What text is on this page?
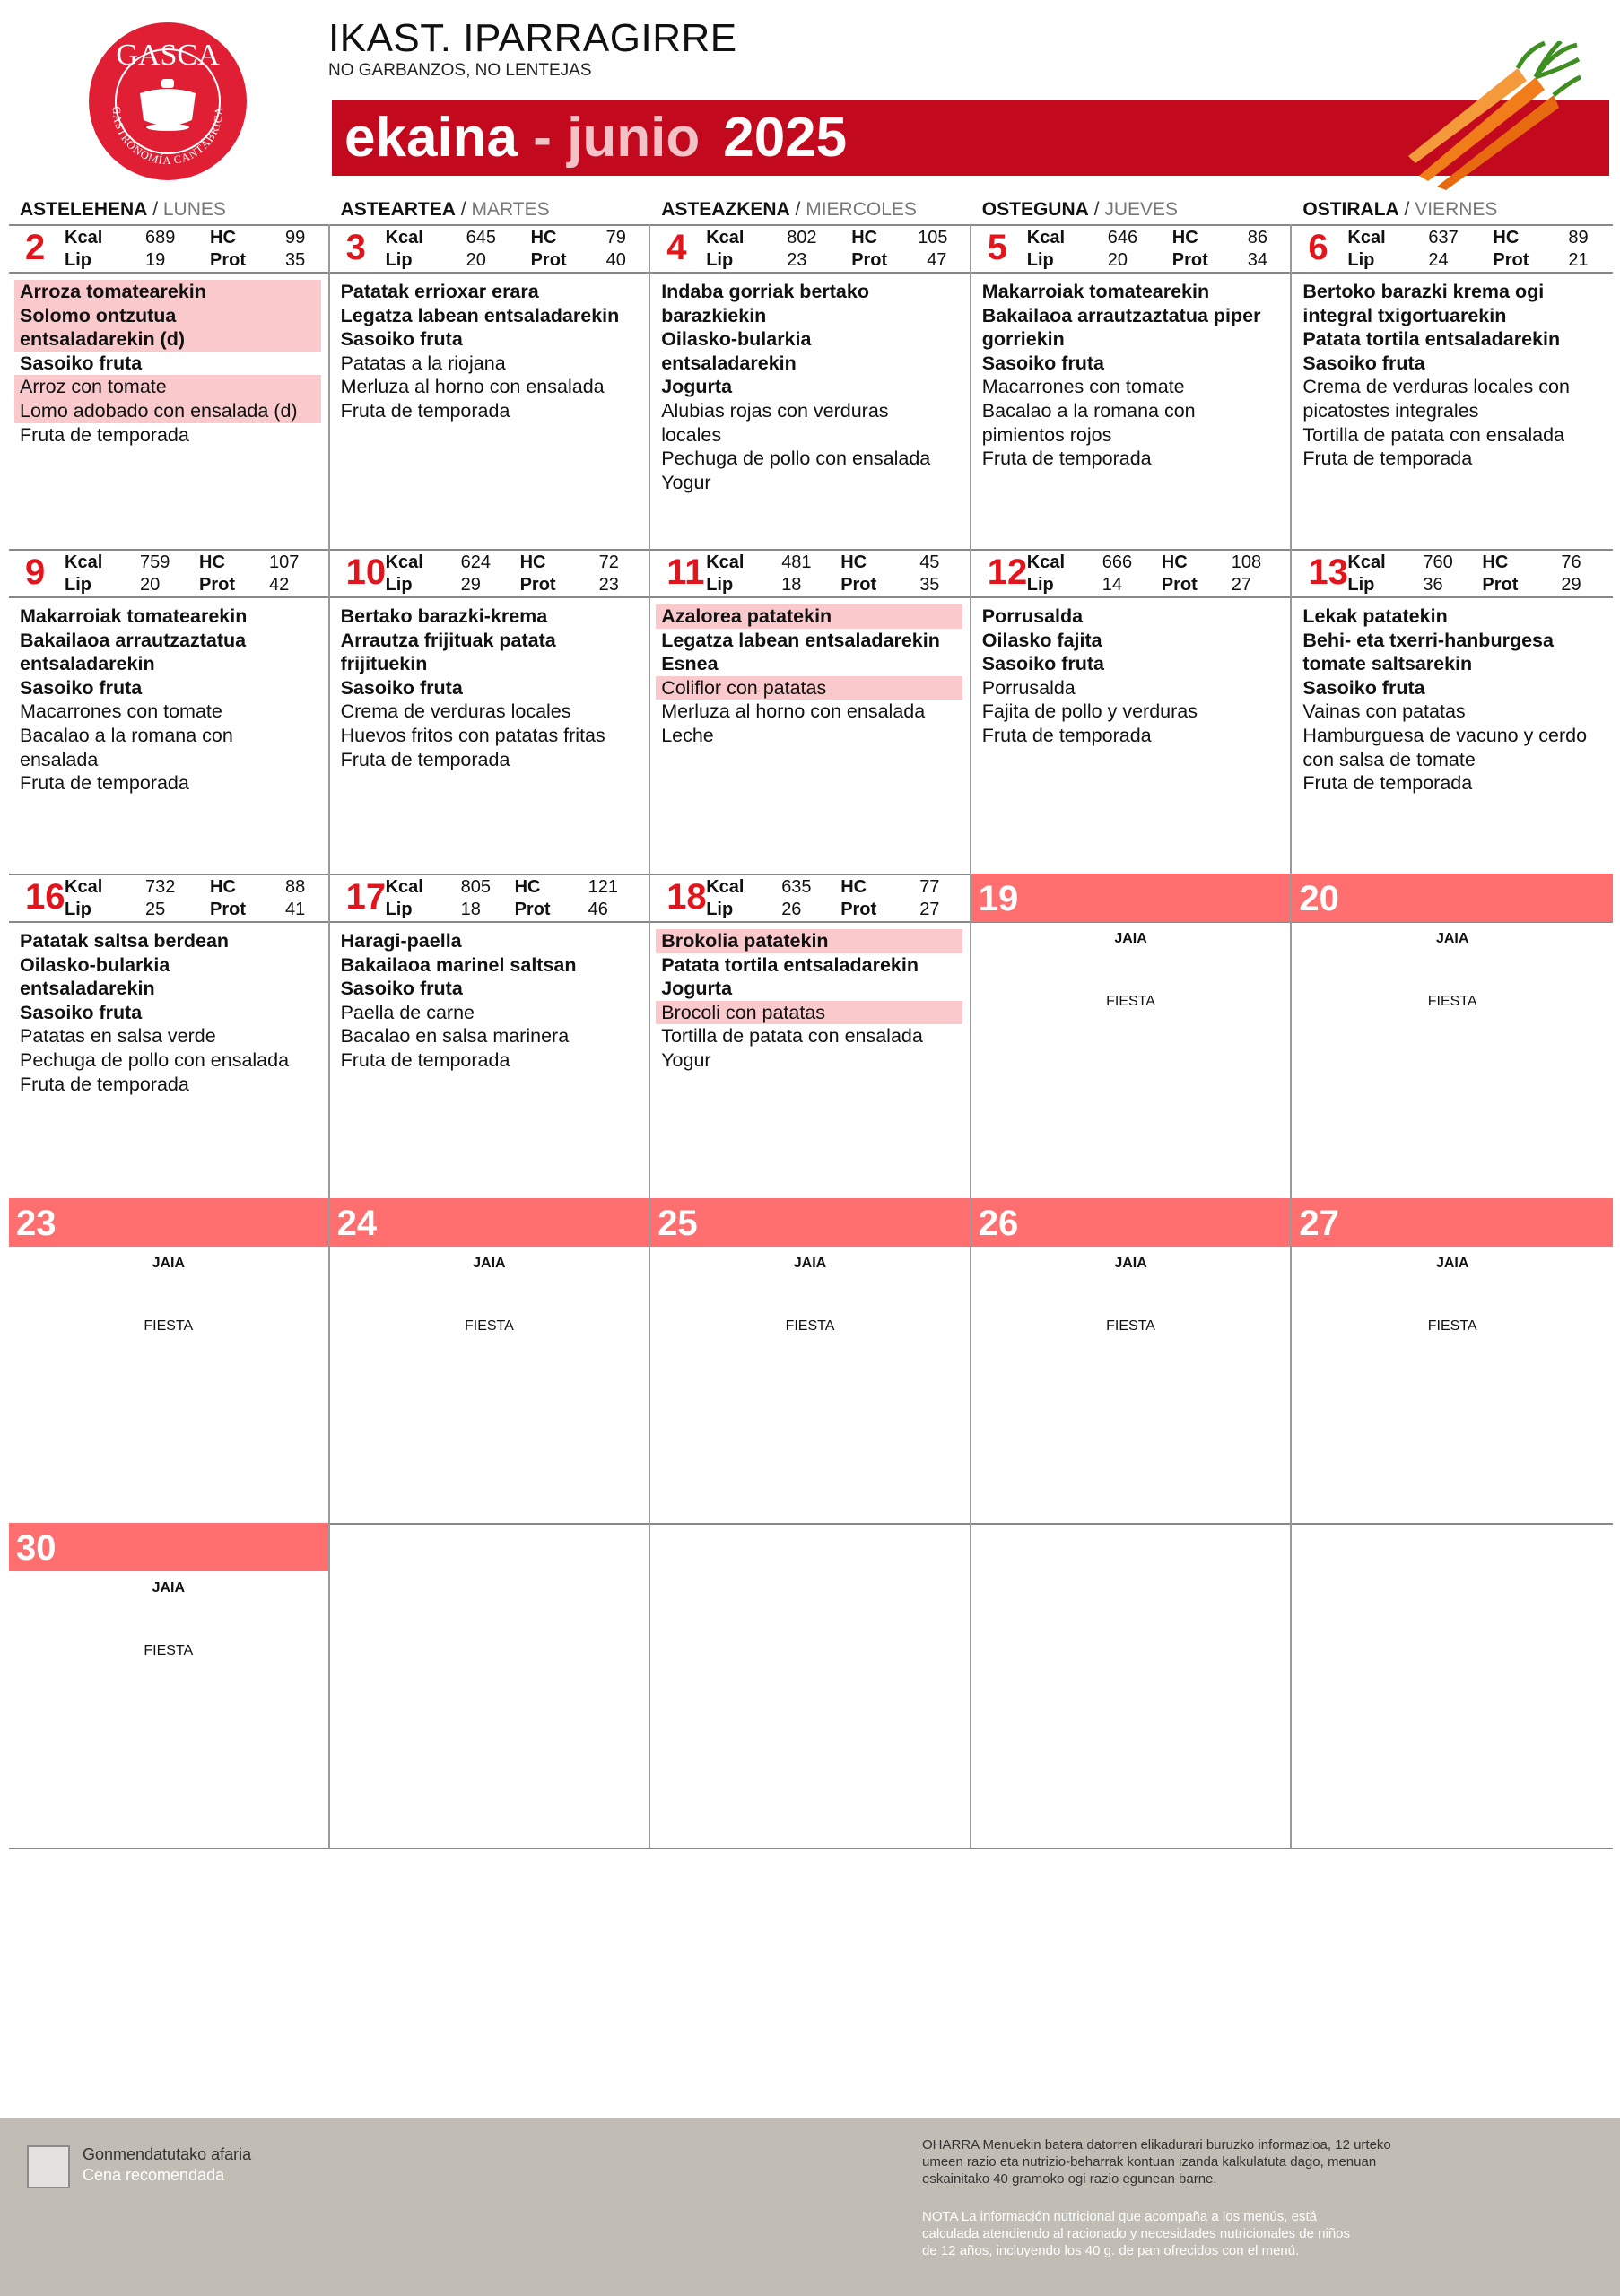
GASCA
GASTRONOMÍA CANTÁBRICA
IKAST. IPARRAGIRRE
NO GARBANZOS, NO LENTEJAS
ekaina - junio 2025
ASTELEHENA / LUNES	ASTEARTEA / MARTES	ASTEAZKENA / MIERCOLES	OSTEGUNA / JUEVES	OSTIRALA / VIERNES
2 Kcal 689 HC	99
Lip	19 Prot 35
Arroza tomatearekin
Solomo ontzutua
entsaladarekin (d)
Sasoiko fruta
Arroz con tomate
Lomo adobado con ensalada (d)
Fruta de temporada
3 Kcal 645 HC	79
Lip	20 Prot 40
Patatak errioxar erara
Legatza labean entsaladarekin
Sasoiko fruta
Patatas a la riojana
Merluza al horno con ensalada
Fruta de temporada
4 Kcal 802 HC 105
Lip	23 Prot 47
Indaba gorriak bertako
barazkiekin
Oilasko-bularkia
entsaladarekin
Jogurta
Alubias rojas con verduras
locales
Pechuga de pollo con ensalada
Yogur
5 Kcal 646 HC	86
Lip	20 Prot 34
Makarroiak tomatearekin
Bakailaoa arrautzaztatua piper
gorriekin
Sasoiko fruta
Macarrones con tomate
Bacalao a la romana con
pimientos rojos
Fruta de temporada
6 Kcal 637 HC	89
Lip	24 Prot 21
Bertoko barazki krema ogi
integral txigortuarekin
Patata tortila entsaladarekin
Sasoiko fruta
Crema de verduras locales con
picatostes integrales
Tortilla de patata con ensalada
Fruta de temporada
9 Kcal 759 HC 107
Lip	20 Prot 42
Makarroiak tomatearekin
Bakailaoa arrautzaztatua
entsaladarekin
Sasoiko fruta
Macarrones con tomate
Bacalao a la romana con
ensalada
Fruta de temporada
10 Kcal 624 HC	72
Lip	29 Prot 23
Bertako barazki-krema
Arrautza frijituak patata
frijituekin
Sasoiko fruta
Crema de verduras locales
Huevos fritos con patatas fritas
Fruta de temporada
11 Kcal 481 HC	45
Lip	18 Prot 35
Azalorea patatekin
Legatza labean entsaladarekin
Esnea
Coliflor con patatas
Merluza al horno con ensalada
Leche
12 Kcal 666 HC 108
Lip	14 Prot 27
Porrusalda
Oilasko fajita
Sasoiko fruta
Porrusalda
Fajita de pollo y verduras
Fruta de temporada
13 Kcal 760 HC	76
Lip	36 Prot 29
Lekak patatekin
Behi- eta txerri-hanburgesa
tomate saltsarekin
Sasoiko fruta
Vainas con patatas
Hamburguesa de vacuno y cerdo
con salsa de tomate
Fruta de temporada
16 Kcal 732 HC	88
Lip	25 Prot 41
Patatak saltsa berdean
Oilasko-bularkia
entsaladarekin
Sasoiko fruta
Patatas en salsa verde
Pechuga de pollo con ensalada
Fruta de temporada
17 Kcal 805 HC	121
Lip	18 Prot 46
Haragi-paella
Bakailaoa marinel saltsan
Sasoiko fruta
Paella de carne
Bacalao en salsa marinera
Fruta de temporada
18 Kcal 635 HC	77
Lip	26 Prot 27
Brokolia patatekin
Patata tortila entsaladarekin
Jogurta
Brocoli con patatas
Tortilla de patata con ensalada
Yogur
19
JAIA
FIESTA
20
JAIA
FIESTA
23
JAIA
FIESTA
24
JAIA
FIESTA
25
JAIA
FIESTA
26
JAIA
FIESTA
27
JAIA
FIESTA
30
JAIA
FIESTA
Gonmendatutako afaria
Cena recomendada
OHARRA Menuekin batera datorren elikadurari buruzko informazioa, 12 urteko umeen razio eta nutrizio-beharrak kontuan izanda kalkulatuta dago, menuan eskainitako 40 gramoko ogi razio egunean barne.
NOTA La información nutricional que acompaña a los menús, está calculada atendiendo al racionado y necesidades nutricionales de niños de 12 años, incluyendo los 40 g. de pan ofrecidos con el menú.
